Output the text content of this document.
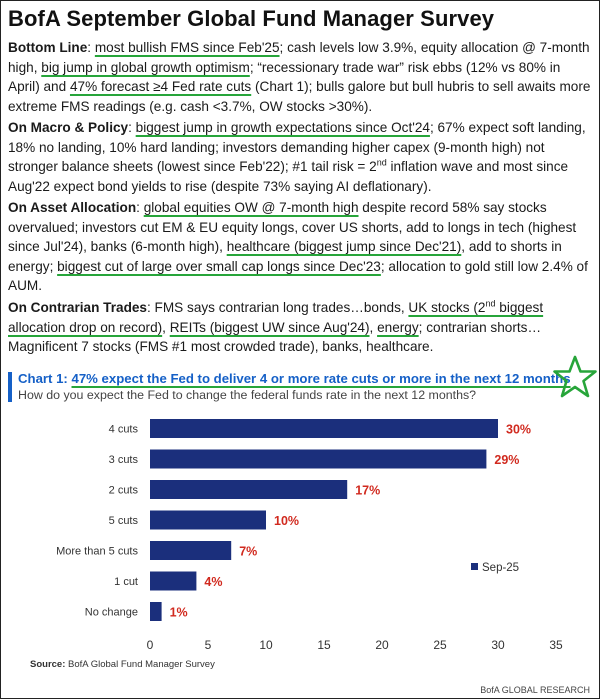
BofA September Global Fund Manager Survey
Bottom Line: most bullish FMS since Feb'25; cash levels low 3.9%, equity allocation @ 7-month high, big jump in global growth optimism; “recessionary trade war” risk ebbs (12% vs 80% in April) and 47% forecast ≥4 Fed rate cuts (Chart 1); bulls galore but bull hubris to sell awaits more extreme FMS readings (e.g. cash <3.7%, OW stocks >30%).
On Macro & Policy: biggest jump in growth expectations since Oct'24; 67% expect soft landing, 18% no landing, 10% hard landing; investors demanding higher capex (9-month high) not stronger balance sheets (lowest since Feb'22); #1 tail risk = 2nd inflation wave and most since Aug'22 expect bond yields to rise (despite 73% saying AI deflationary).
On Asset Allocation: global equities OW @ 7-month high despite record 58% say stocks overvalued; investors cut EM & EU equity longs, cover US shorts, add to longs in tech (highest since Jul'24), banks (6-month high), healthcare (biggest jump since Dec'21), add to shorts in energy; biggest cut of large over small cap longs since Dec'23; allocation to gold still low 2.4% of AUM.
On Contrarian Trades: FMS says contrarian long trades…bonds, UK stocks (2nd biggest allocation drop on record), REITs (biggest UW since Aug'24), energy; contrarian shorts…Magnificent 7 stocks (FMS #1 most crowded trade), banks, healthcare.
Chart 1: 47% expect the Fed to deliver 4 or more rate cuts or more in the next 12 months
How do you expect the Fed to change the federal funds rate in the next 12 months?
4 cuts	30%
3 cuts	29%
2 cuts	17%
5 cuts	10%
More than 5 cuts	7%
1 cut	4%
No change	1%
0	5	10	15	20	25	30	35
Sep-25
Source: BofA Global Fund Manager Survey
BofA GLOBAL RESEARCH
